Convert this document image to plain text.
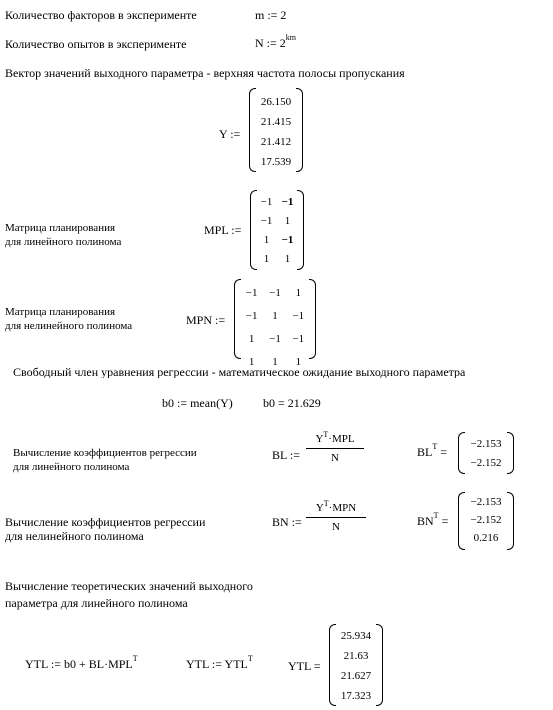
Количество факторов в эксперименте	m := 2
Количество опытов в эксперименте	N := $2^{km}$
Вектор значений выходного параметра - верхняя частота полосы пропускания
Y :=
26.150
21.415
21.412
17.539
Матрица планирования
для линейного полинома
MPL :=
−1	−1
−1	1
1	−1
1	1
Матрица планирования
для нелинейного полинома	MPN :=
−1	−1	1
−1	1	−1
1	−1	−1
1	1	1
Свободный член уравнения регрессии - математическое ожидание выходного параметра
b0 := mean(Y)	b0 = 21.629
Вычисление коэффициентов регрессии
для линейного полинома
BL :=
$Y^T\cdot MPL$
N	$BL^T$ =
−2.153
−2.152
Вычисление коэффициентов регрессии
для нелинейного полинома
BN :=
$Y^T\cdot MPN$
N	$BN^T$ =
−2.153
−2.152
0.216
Вычисление теоретических значений выходного
параметра для линейного полинома
YTL := $b0 + BL\cdot MPL^T$	YTL := $YTL^T$
YTL =
25.934
21.63
21.627
17.323
